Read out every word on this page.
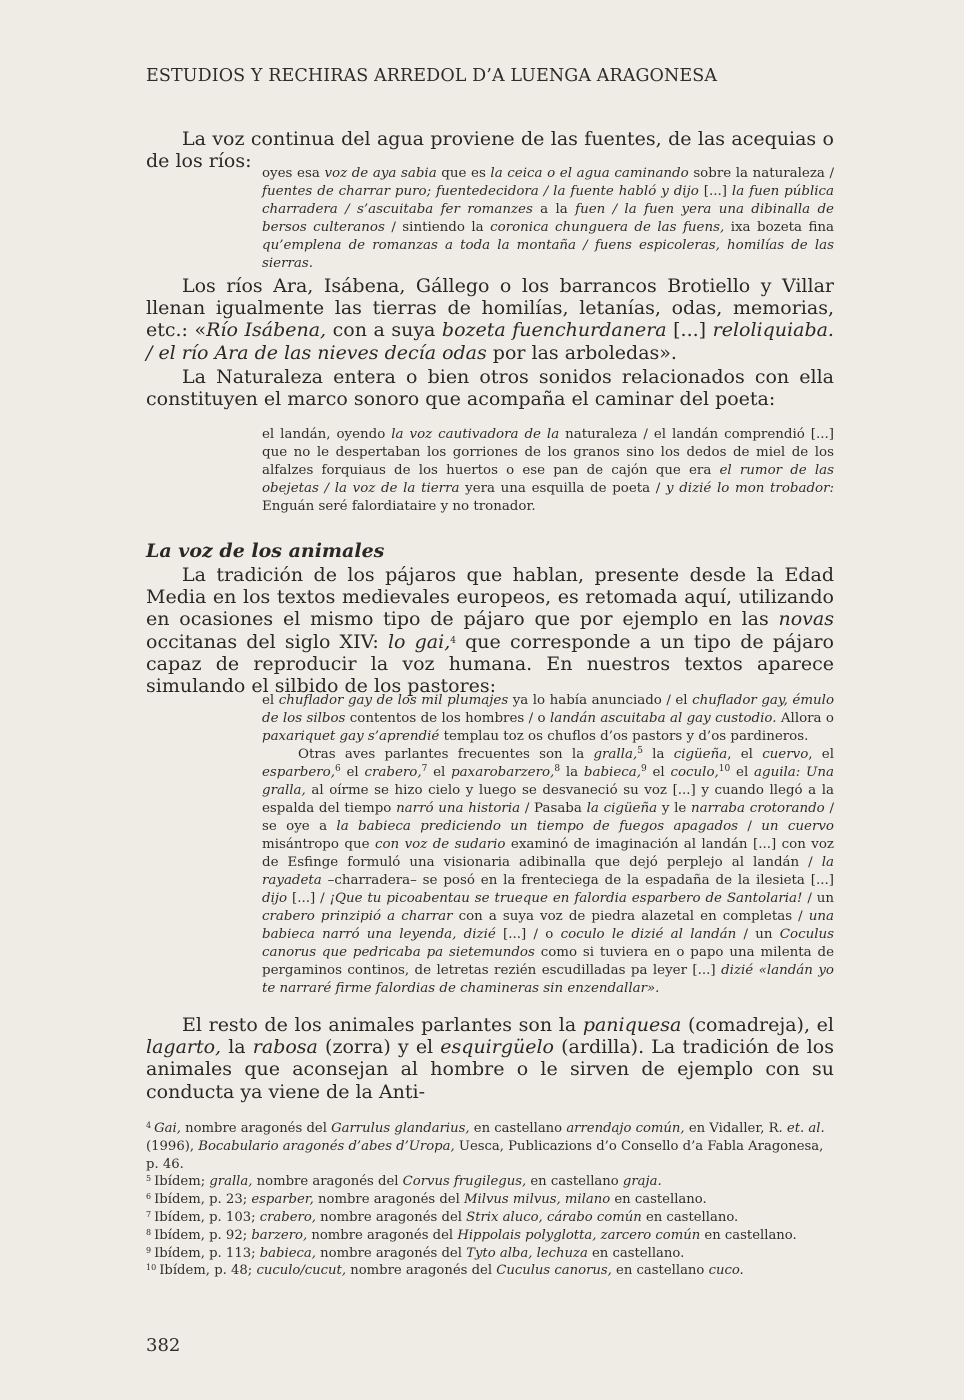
ESTUDIOS Y RECHIRAS ARREDOL D’A LUENGA ARAGONESA

La voz continua del agua proviene de las fuentes, de las acequias o de los ríos:

oyes esa voz de aya sabia que es la ceica o el agua caminando sobre la naturaleza / fuentes de charrar puro; fuentedecidora / la fuente habló y dijo [...] la fuen pública charradera / s’ascuitaba fer romanzes a la fuen / la fuen yera una dibinalla de bersos culteranos / sintiendo la coronica chunguera de las fuens, ixa bozeta fina qu’emplena de romanzas a toda la montaña / fuens espicoleras, homilías de las sierras.

Los ríos Ara, Isábena, Gállego o los barrancos Brotiello y Villar llenan igualmente las tierras de homilías, letanías, odas, memorias, etc.: «Río Isábena, con a suya bozeta fuenchurdanera [...] reloliquiaba. / el río Ara de las nieves decía odas por las arboledas».

La Naturaleza entera o bien otros sonidos relacionados con ella constituyen el marco sonoro que acompaña el caminar del poeta:

el landán, oyendo la voz cautivadora de la naturaleza / el landán comprendió [...] que no le despertaban los gorriones de los granos sino los dedos de miel de los alfalzes forquiaus de los huertos o ese pan de cajón que era el rumor de las obejetas / la voz de la tierra yera una esquilla de poeta / y dizié lo mon trobador: Enguán seré falordiataire y no tronador.

La voz de los animales

La tradición de los pájaros que hablan, presente desde la Edad Media en los textos medievales europeos, es retomada aquí, utilizando en ocasiones el mismo tipo de pájaro que por ejemplo en las novas occitanas del siglo XIV: lo gai,$^4$ que corresponde a un tipo de pájaro capaz de reproducir la voz humana. En nuestros textos aparece simulando el silbido de los pastores:

el chuflador gay de los mil plumajes ya lo había anunciado / el chuflador gay, émulo de los silbos contentos de los hombres / o landán ascuitaba al gay custodio. Allora o paxariquet gay s’aprendié templau toz os chuflos d’os pastors y d’os pardineros.

Otras aves parlantes frecuentes son la gralla,$^5$ la cigüeña, el cuervo, el esparbero,$^6$ el crabero,$^7$ el paxarobarzero,$^8$ la babieca,$^9$ el coculo,$^{10}$ el aguila: Una gralla, al oírme se hizo cielo y luego se desvaneció su voz [...] y cuando llegó a la espalda del tiempo narró una historia / Pasaba la cigüeña y le narraba crotorando / se oye a la babieca prediciendo un tiempo de fuegos apagados / un cuervo misántropo que con voz de sudario examinó de imaginación al landán [...] con voz de Esfinge formuló una visionaria adibinalla que dejó perplejo al landán / la rayadeta –charradera– se posó en la frenteciega de la espadaña de la ilesieta [...] dijo [...] / ¡Que tu picoabentau se trueque en falordia esparbero de Santolaria! / un crabero prinzipió a charrar con a suya voz de piedra alazetal en completas / una babieca narró una leyenda, dizié [...] / o coculo le dizié al landán / un Coculus canorus que pedricaba pa sietemundos como si tuviera en o papo una milenta de pergaminos continos, de letretas rezién escudilladas pa leyer [...] dizié «landán yo te narraré firme falordias de chamineras sin enzendallar».

El resto de los animales parlantes son la paniquesa (comadreja), el lagarto, la rabosa (zorra) y el esquirgüelo (ardilla). La tradición de los animales que aconsejan al hombre o le sirven de ejemplo con su conducta ya viene de la Anti-

$^4$ Gai, nombre aragonés del Garrulus glandarius, en castellano arrendajo común, en Vidaller, R. et. al. (1996), Bocabulario aragonés d’abes d’Uropa, Uesca, Publicazions d’o Consello d’a Fabla Aragonesa, p. 46.

$^5$ Ibídem; gralla, nombre aragonés del Corvus frugilegus, en castellano graja.

$^6$ Ibídem, p. 23; esparber, nombre aragonés del Milvus milvus, milano en castellano.

$^7$ Ibídem, p. 103; crabero, nombre aragonés del Strix aluco, cárabo común en castellano.

$^8$ Ibídem, p. 92; barzero, nombre aragonés del Hippolais polyglotta, zarcero común en castellano.

$^9$ Ibídem, p. 113; babieca, nombre aragonés del Tyto alba, lechuza en castellano.

$^{10}$ Ibídem, p. 48; cuculo/cucut, nombre aragonés del Cuculus canorus, en castellano cuco.

382
